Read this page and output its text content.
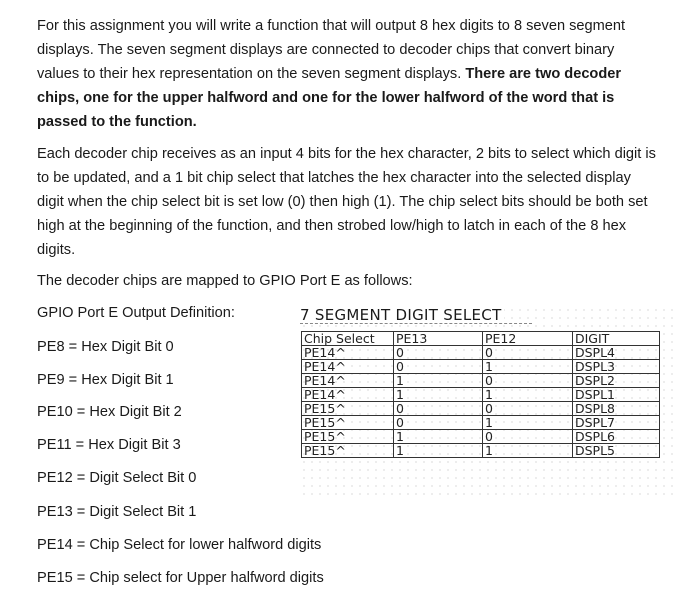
For this assignment you will write a function that will output 8 hex digits to 8 seven segment displays. The seven segment displays are connected to decoder chips that convert binary values to their hex representation on the seven segment displays. There are two decoder chips, one for the upper halfword and one for the lower halfword of the word that is passed to the function.
Each decoder chip receives as an input 4 bits for the hex character, 2 bits to select which digit is to be updated, and a 1 bit chip select that latches the hex character into the selected display digit when the chip select bit is set low (0) then high (1). The chip select bits should be both set high at the beginning of the function, and then strobed low/high to latch in each of the 8 hex digits.
The decoder chips are mapped to GPIO Port E as follows:
GPIO Port E Output Definition:
PE8 = Hex Digit Bit 0
PE9 = Hex Digit Bit 1
PE10 = Hex Digit Bit 2
PE11 = Hex Digit Bit 3
PE12 = Digit Select Bit 0
PE13 = Digit Select Bit 1
PE14 = Chip Select for lower halfword digits
PE15 = Chip select for Upper halfword digits
7 SEGMENT DIGIT SELECT
Chip Select	PE13	PE12	DIGIT
PE14^	0	0	DSPL4
PE14^	0	1	DSPL3
PE14^	1	0	DSPL2
PE14^	1	1	DSPL1
PE15^	0	0	DSPL8
PE15^	0	1	DSPL7
PE15^	1	0	DSPL6
PE15^	1	1	DSPL5
